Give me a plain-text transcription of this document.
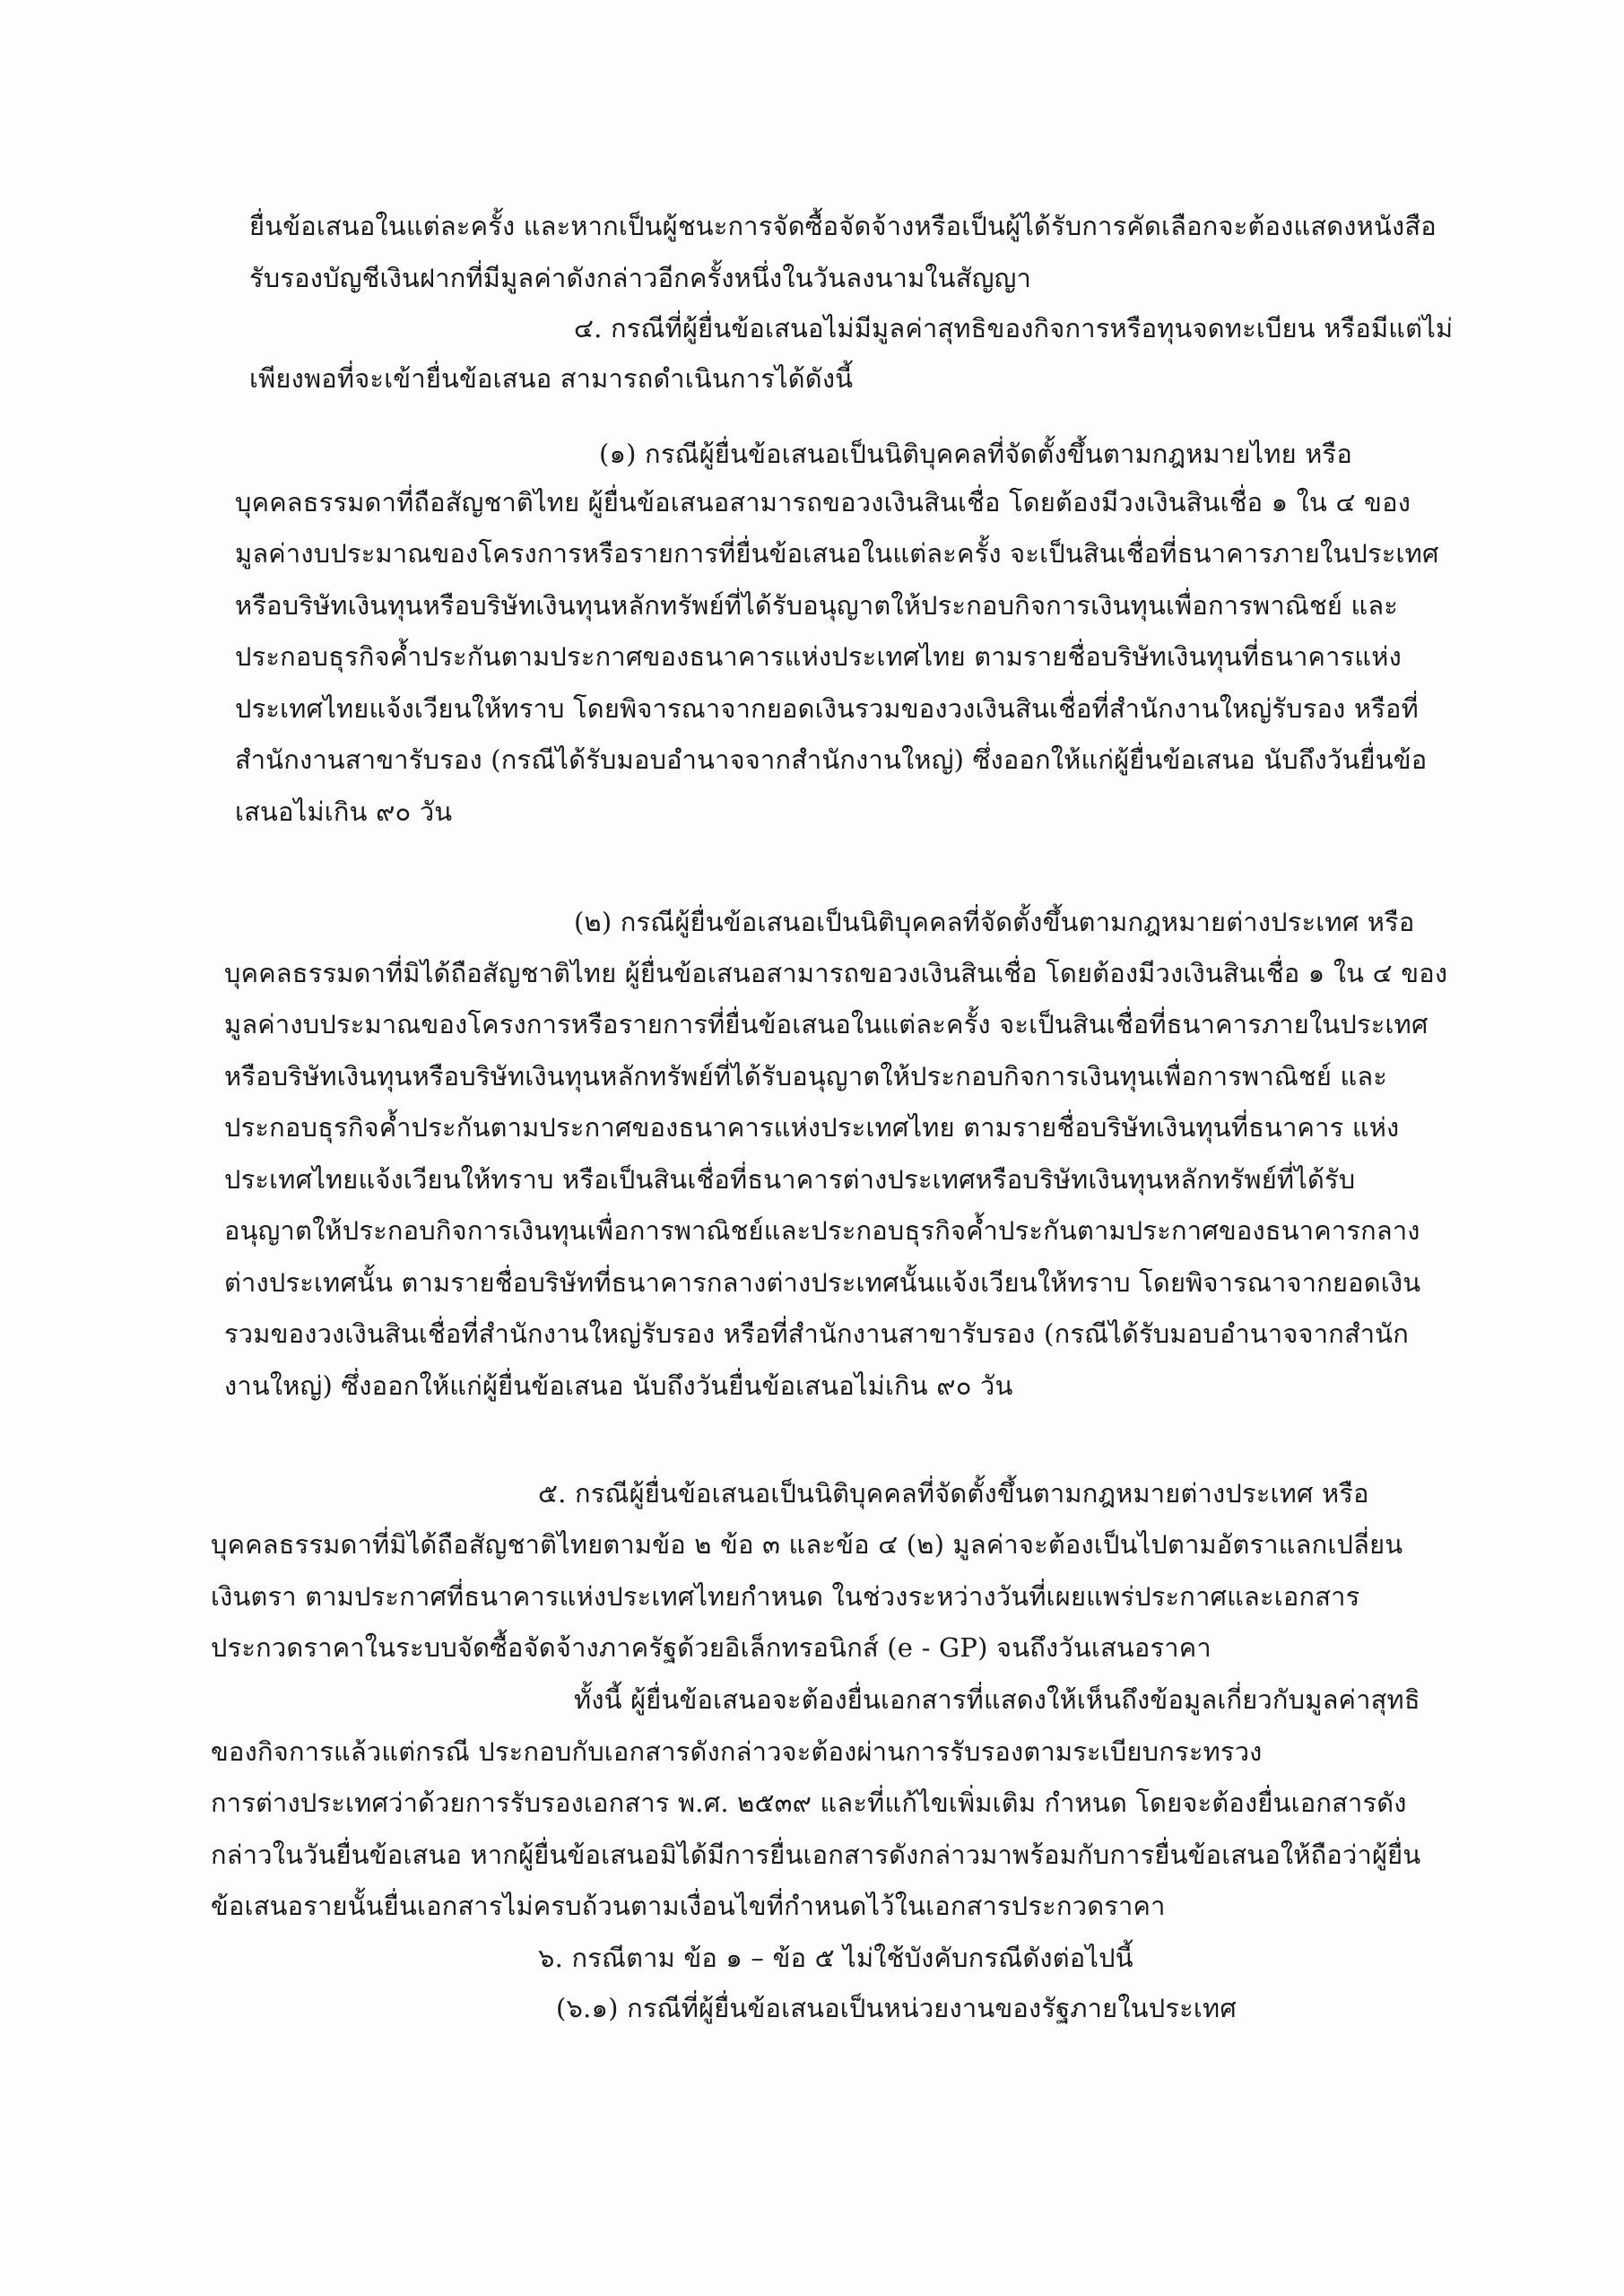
ยื่นข้อเสนอในแต่ละครั้ง และหากเป็นผู้ชนะการจัดซื้อจัดจ้างหรือเป็นผู้ได้รับการคัดเลือกจะต้องแสดงหนังสือ
รับรองบัญชีเงินฝากที่มีมูลค่าดังกล่าวอีกครั้งหนึ่งในวันลงนามในสัญญา
๔. กรณีที่ผู้ยื่นข้อเสนอไม่มีมูลค่าสุทธิของกิจการหรือทุนจดทะเบียน หรือมีแต่ไม่
เพียงพอที่จะเข้ายื่นข้อเสนอ สามารถดำเนินการได้ดังนี้
(๑) กรณีผู้ยื่นข้อเสนอเป็นนิติบุคคลที่จัดตั้งขึ้นตามกฎหมายไทย หรือ
บุคคลธรรมดาที่ถือสัญชาติไทย ผู้ยื่นข้อเสนอสามารถขอวงเงินสินเชื่อ โดยต้องมีวงเงินสินเชื่อ ๑ ใน ๔ ของ
มูลค่างบประมาณของโครงการหรือรายการที่ยื่นข้อเสนอในแต่ละครั้ง จะเป็นสินเชื่อที่ธนาคารภายในประเทศ
หรือบริษัทเงินทุนหรือบริษัทเงินทุนหลักทรัพย์ที่ได้รับอนุญาตให้ประกอบกิจการเงินทุนเพื่อการพาณิชย์ และ
ประกอบธุรกิจค้ำประกันตามประกาศของธนาคารแห่งประเทศไทย ตามรายชื่อบริษัทเงินทุนที่ธนาคารแห่ง
ประเทศไทยแจ้งเวียนให้ทราบ โดยพิจารณาจากยอดเงินรวมของวงเงินสินเชื่อที่สำนักงานใหญ่รับรอง หรือที่
สำนักงานสาขารับรอง (กรณีได้รับมอบอำนาจจากสำนักงานใหญ่) ซึ่งออกให้แก่ผู้ยื่นข้อเสนอ นับถึงวันยื่นข้อ
เสนอไม่เกิน ๙๐ วัน
(๒) กรณีผู้ยื่นข้อเสนอเป็นนิติบุคคลที่จัดตั้งขึ้นตามกฎหมายต่างประเทศ หรือ
บุคคลธรรมดาที่มิได้ถือสัญชาติไทย ผู้ยื่นข้อเสนอสามารถขอวงเงินสินเชื่อ โดยต้องมีวงเงินสินเชื่อ ๑ ใน ๔ ของ
มูลค่างบประมาณของโครงการหรือรายการที่ยื่นข้อเสนอในแต่ละครั้ง จะเป็นสินเชื่อที่ธนาคารภายในประเทศ
หรือบริษัทเงินทุนหรือบริษัทเงินทุนหลักทรัพย์ที่ได้รับอนุญาตให้ประกอบกิจการเงินทุนเพื่อการพาณิชย์ และ
ประกอบธุรกิจค้ำประกันตามประกาศของธนาคารแห่งประเทศไทย ตามรายชื่อบริษัทเงินทุนที่ธนาคาร แห่ง
ประเทศไทยแจ้งเวียนให้ทราบ หรือเป็นสินเชื่อที่ธนาคารต่างประเทศหรือบริษัทเงินทุนหลักทรัพย์ที่ได้รับ
อนุญาตให้ประกอบกิจการเงินทุนเพื่อการพาณิชย์และประกอบธุรกิจค้ำประกันตามประกาศของธนาคารกลาง
ต่างประเทศนั้น ตามรายชื่อบริษัทที่ธนาคารกลางต่างประเทศนั้นแจ้งเวียนให้ทราบ โดยพิจารณาจากยอดเงิน
รวมของวงเงินสินเชื่อที่สำนักงานใหญ่รับรอง หรือที่สำนักงานสาขารับรอง (กรณีได้รับมอบอำนาจจากสำนัก
งานใหญ่) ซึ่งออกให้แก่ผู้ยื่นข้อเสนอ นับถึงวันยื่นข้อเสนอไม่เกิน ๙๐ วัน
๕. กรณีผู้ยื่นข้อเสนอเป็นนิติบุคคลที่จัดตั้งขึ้นตามกฎหมายต่างประเทศ หรือ
บุคคลธรรมดาที่มิได้ถือสัญชาติไทยตามข้อ ๒ ข้อ ๓ และข้อ ๔ (๒) มูลค่าจะต้องเป็นไปตามอัตราแลกเปลี่ยน
เงินตรา ตามประกาศที่ธนาคารแห่งประเทศไทยกำหนด ในช่วงระหว่างวันที่เผยแพร่ประกาศและเอกสาร
ประกวดราคาในระบบจัดซื้อจัดจ้างภาครัฐด้วยอิเล็กทรอนิกส์ (e - GP) จนถึงวันเสนอราคา
ทั้งนี้ ผู้ยื่นข้อเสนอจะต้องยื่นเอกสารที่แสดงให้เห็นถึงข้อมูลเกี่ยวกับมูลค่าสุทธิ
ของกิจการแล้วแต่กรณี ประกอบกับเอกสารดังกล่าวจะต้องผ่านการรับรองตามระเบียบกระทรวง
การต่างประเทศว่าด้วยการรับรองเอกสาร พ.ศ. ๒๕๓๙ และที่แก้ไขเพิ่มเติม กำหนด โดยจะต้องยื่นเอกสารดัง
กล่าวในวันยื่นข้อเสนอ หากผู้ยื่นข้อเสนอมิได้มีการยื่นเอกสารดังกล่าวมาพร้อมกับการยื่นข้อเสนอให้ถือว่าผู้ยื่น
ข้อเสนอรายนั้นยื่นเอกสารไม่ครบถ้วนตามเงื่อนไขที่กำหนดไว้ในเอกสารประกวดราคา
๖. กรณีตาม ข้อ ๑ – ข้อ ๕ ไม่ใช้บังคับกรณีดังต่อไปนี้
(๖.๑) กรณีที่ผู้ยื่นข้อเสนอเป็นหน่วยงานของรัฐภายในประเทศ
